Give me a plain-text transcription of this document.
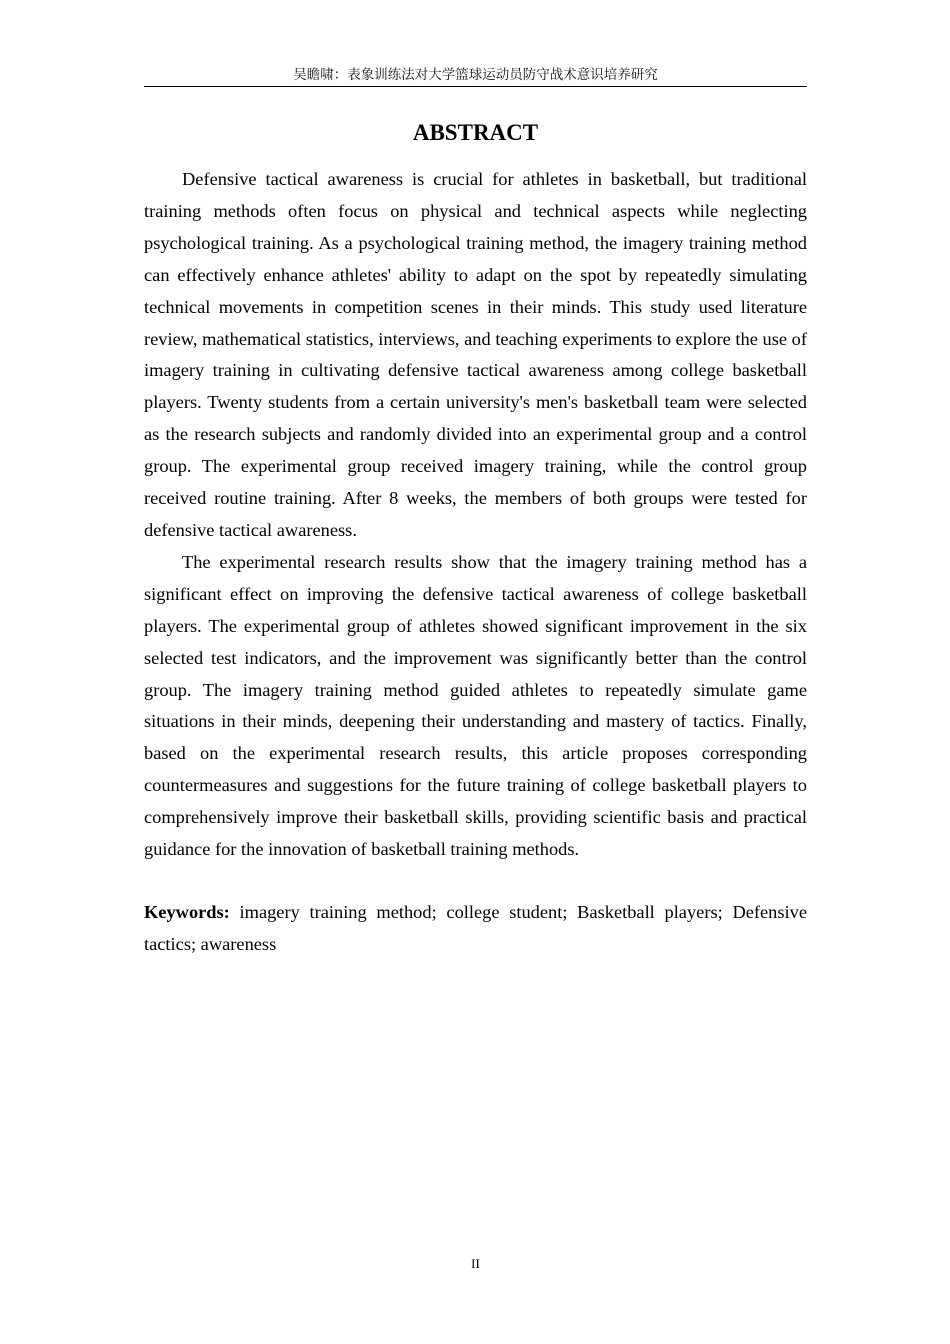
吴瞻啸：表象训练法对大学篮球运动员防守战术意识培养研究
ABSTRACT

Defensive tactical awareness is crucial for athletes in basketball, but traditional training methods often focus on physical and technical aspects while neglecting psychological training. As a psychological training method, the imagery training method can effectively enhance athletes' ability to adapt on the spot by repeatedly simulating technical movements in competition scenes in their minds. This study used literature review, mathematical statistics, interviews, and teaching experiments to explore the use of imagery training in cultivating defensive tactical awareness among college basketball players. Twenty students from a certain university's men's basketball team were selected as the research subjects and randomly divided into an experimental group and a control group. The experimental group received imagery training, while the control group received routine training. After 8 weeks, the members of both groups were tested for defensive tactical awareness.

The experimental research results show that the imagery training method has a significant effect on improving the defensive tactical awareness of college basketball players. The experimental group of athletes showed significant improvement in the six selected test indicators, and the improvement was significantly better than the control group. The imagery training method guided athletes to repeatedly simulate game situations in their minds, deepening their understanding and mastery of tactics. Finally, based on the experimental research results, this article proposes corresponding countermeasures and suggestions for the future training of college basketball players to comprehensively improve their basketball skills, providing scientific basis and practical guidance for the innovation of basketball training methods.

Keywords: imagery training method; college student; Basketball players; Defensive tactics; awareness

II
